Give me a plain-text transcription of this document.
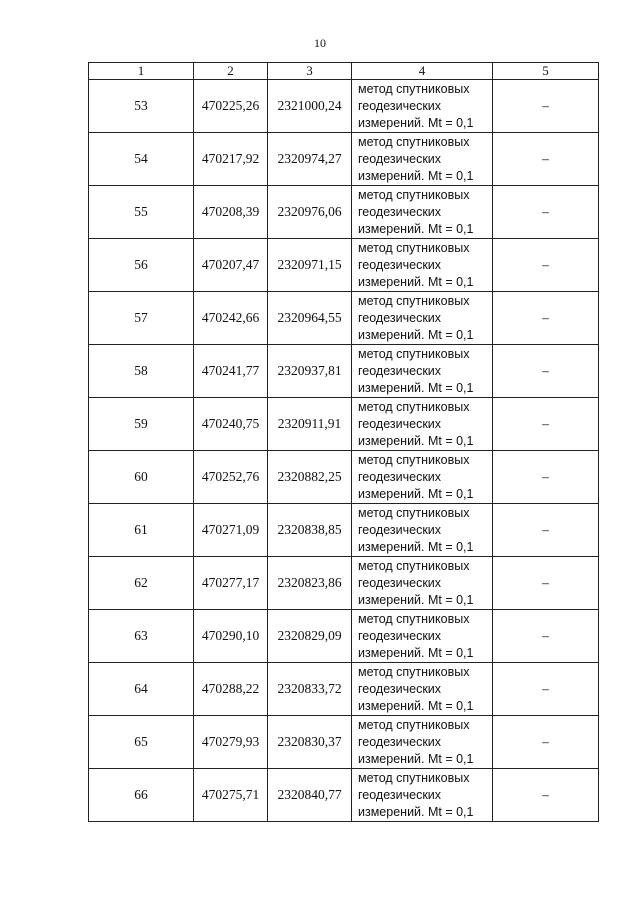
10
1	2	3	4	5
53	470225,26	2321000,24	метод спутниковых
геодезических
измерений. Mt = 0,1	–
54	470217,92	2320974,27	метод спутниковых
геодезических
измерений. Mt = 0,1	–
55	470208,39	2320976,06	метод спутниковых
геодезических
измерений. Mt = 0,1	–
56	470207,47	2320971,15	метод спутниковых
геодезических
измерений. Mt = 0,1	–
57	470242,66	2320964,55	метод спутниковых
геодезических
измерений. Mt = 0,1	–
58	470241,77	2320937,81	метод спутниковых
геодезических
измерений. Mt = 0,1	–
59	470240,75	2320911,91	метод спутниковых
геодезических
измерений. Mt = 0,1	–
60	470252,76	2320882,25	метод спутниковых
геодезических
измерений. Mt = 0,1	–
61	470271,09	2320838,85	метод спутниковых
геодезических
измерений. Mt = 0,1	–
62	470277,17	2320823,86	метод спутниковых
геодезических
измерений. Mt = 0,1	–
63	470290,10	2320829,09	метод спутниковых
геодезических
измерений. Mt = 0,1	–
64	470288,22	2320833,72	метод спутниковых
геодезических
измерений. Mt = 0,1	–
65	470279,93	2320830,37	метод спутниковых
геодезических
измерений. Mt = 0,1	–
66	470275,71	2320840,77	метод спутниковых
геодезических
измерений. Mt = 0,1	–
